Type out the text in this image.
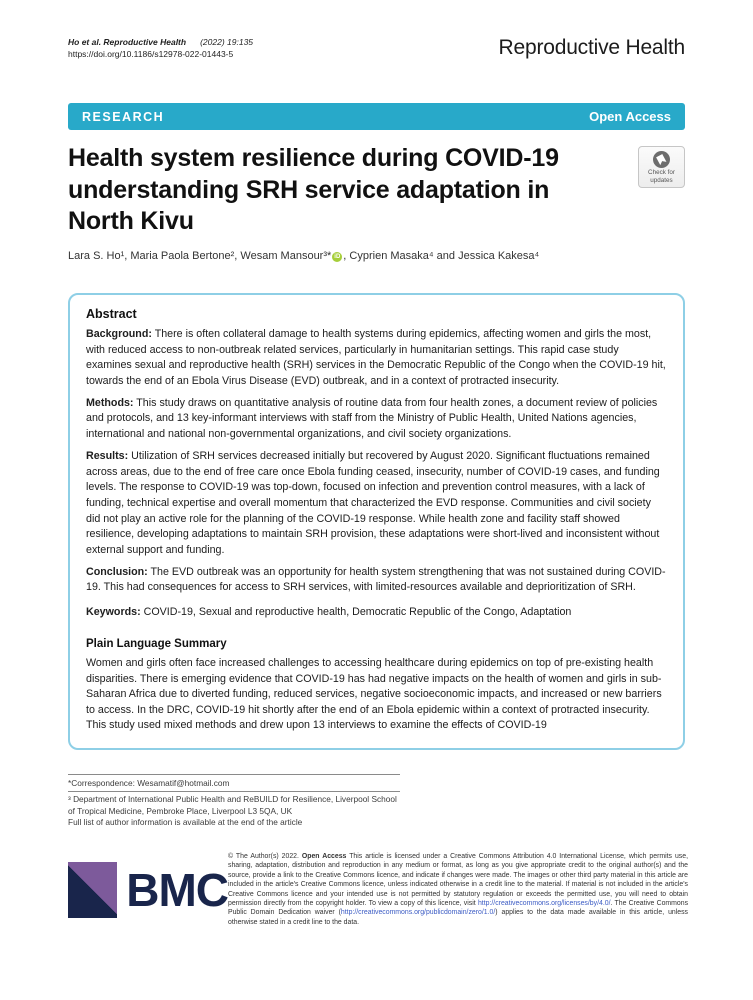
Ho et al. Reproductive Health (2022) 19:135
https://doi.org/10.1186/s12978-022-01443-5	Reproductive Health
RESEARCH	Open Access
Health system resilience during COVID-19 understanding SRH service adaptation in North Kivu
Check for updates
Lara S. Ho¹, Maria Paola Bertone², Wesam Mansour³* iD , Cyprien Masaka⁴ and Jessica Kakesa⁴
Abstract

Background: There is often collateral damage to health systems during epidemics, affecting women and girls the most, with reduced access to non-outbreak related services, particularly in humanitarian settings. This rapid case study examines sexual and reproductive health (SRH) services in the Democratic Republic of the Congo when the COVID-19 hit, towards the end of an Ebola Virus Disease (EVD) outbreak, and in a context of protracted insecurity.

Methods: This study draws on quantitative analysis of routine data from four health zones, a document review of policies and protocols, and 13 key-informant interviews with staff from the Ministry of Public Health, United Nations agencies, international and national non-governmental organizations, and civil society organizations.

Results: Utilization of SRH services decreased initially but recovered by August 2020. Significant fluctuations remained across areas, due to the end of free care once Ebola funding ceased, insecurity, number of COVID-19 cases, and funding levels. The response to COVID-19 was top-down, focused on infection and prevention control measures, with a lack of funding, technical expertise and overall momentum that characterized the EVD response. Communities and civil society did not play an active role for the planning of the COVID-19 response. While health zone and facility staff showed resilience, developing adaptations to maintain SRH provision, these adaptations were short-lived and inconsistent without external support and funding.

Conclusion: The EVD outbreak was an opportunity for health system strengthening that was not sustained during COVID-19. This had consequences for access to SRH services, with limited-resources available and deprioritization of SRH.

Keywords: COVID-19, Sexual and reproductive health, Democratic Republic of the Congo, Adaptation

Plain Language Summary

Women and girls often face increased challenges to accessing healthcare during epidemics on top of pre-existing health disparities. There is emerging evidence that COVID-19 has had negative impacts on the health of women and girls in sub-Saharan Africa due to diverted funding, reduced services, negative socioeconomic impacts, and increased or new barriers to access. In the DRC, COVID-19 hit shortly after the end of an Ebola epidemic within a context of protracted insecurity. This study used mixed methods and drew upon 13 interviews to examine the effects of COVID-19

*Correspondence: Wesamatif@hotmail.com
³ Department of International Public Health and ReBUILD for Resilience, Liverpool School of Tropical Medicine, Pembroke Place, Liverpool L3 5QA, UK
Full list of author information is available at the end of the article
BMC
© The Author(s) 2022. Open Access This article is licensed under a Creative Commons Attribution 4.0 International License, which permits use, sharing, adaptation, distribution and reproduction in any medium or format, as long as you give appropriate credit to the original author(s) and the source, provide a link to the Creative Commons licence, and indicate if changes were made. The images or other third party material in this article are included in the article's Creative Commons licence, unless indicated otherwise in a credit line to the material. If material is not included in the article's Creative Commons licence and your intended use is not permitted by statutory regulation or exceeds the permitted use, you will need to obtain permission directly from the copyright holder. To view a copy of this licence, visit http://creativecommons.org/licenses/by/4.0/. The Creative Commons Public Domain Dedication waiver (http://creativecommons.org/publicdomain/zero/1.0/) applies to the data made available in this article, unless otherwise stated in a credit line to the data.
